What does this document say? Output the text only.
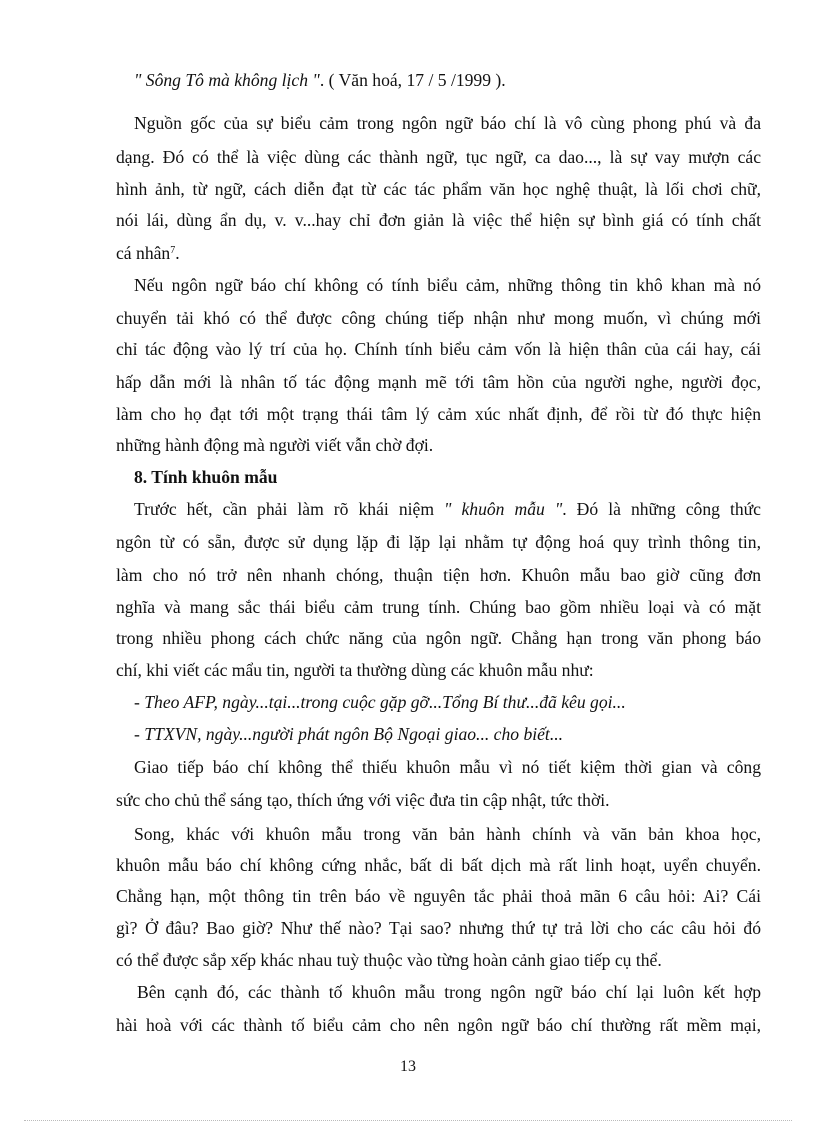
" Sông Tô mà không lịch ". ( Văn hoá, 17 / 5 /1999 ).
Nguồn gốc của sự biểu cảm trong ngôn ngữ báo chí là vô cùng phong phú và đa
dạng. Đó có thể là việc dùng các thành ngữ, tục ngữ, ca dao..., là sự vay mượn các
hình ảnh, từ ngữ, cách diễn đạt từ các tác phẩm văn học nghệ thuật, là lối chơi chữ,
nói lái, dùng ẩn dụ, v. v...hay chỉ đơn giản là việc thể hiện sự bình giá có tính chất
cá nhân$^7$.
Nếu ngôn ngữ báo chí không có tính biểu cảm, những thông tin khô khan mà nó
chuyển tải khó có thể được công chúng tiếp nhận như mong muốn, vì chúng mới
chỉ tác động vào lý trí của họ. Chính tính biểu cảm vốn là hiện thân của cái hay, cái
hấp dẫn mới là nhân tố tác động mạnh mẽ tới tâm hồn của người nghe, người đọc,
làm cho họ đạt tới một trạng thái tâm lý cảm xúc nhất định, để rồi từ đó thực hiện
những hành động mà người viết vẫn chờ đợi.
8. Tính khuôn mẫu
Trước hết, cần phải làm rõ khái niệm " khuôn mẫu ". Đó là những công thức
ngôn từ có sẵn, được sử dụng lặp đi lặp lại nhằm tự động hoá quy trình thông tin,
làm cho nó trở nên nhanh chóng, thuận tiện hơn. Khuôn mẫu bao giờ cũng đơn
nghĩa và mang sắc thái biểu cảm trung tính. Chúng bao gồm nhiều loại và có mặt
trong nhiều phong cách chức năng của ngôn ngữ. Chẳng hạn trong văn phong báo
chí, khi viết các mẩu tin, người ta thường dùng các khuôn mẫu như:
- Theo AFP, ngày...tại...trong cuộc gặp gỡ...Tổng Bí thư...đã kêu gọi...
- TTXVN, ngày...người phát ngôn Bộ Ngoại giao... cho biết...
Giao tiếp báo chí không thể thiếu khuôn mẫu vì nó tiết kiệm thời gian và công
sức cho chủ thể sáng tạo, thích ứng với việc đưa tin cập nhật, tức thời.
Song, khác với khuôn mẫu trong văn bản hành chính và văn bản khoa học,
khuôn mẫu báo chí không cứng nhắc, bất di bất dịch mà rất linh hoạt, uyển chuyển.
Chẳng hạn, một thông tin trên báo về nguyên tắc phải thoả mãn 6 câu hỏi: Ai? Cái
gì? Ở đâu? Bao giờ? Như thế nào? Tại sao? nhưng thứ tự trả lời cho các câu hỏi đó
có thể được sắp xếp khác nhau tuỳ thuộc vào từng hoàn cảnh giao tiếp cụ thể.
Bên cạnh đó, các thành tố khuôn mẫu trong ngôn ngữ báo chí lại luôn kết hợp
hài hoà với các thành tố biểu cảm cho nên ngôn ngữ báo chí thường rất mềm mại,
13
